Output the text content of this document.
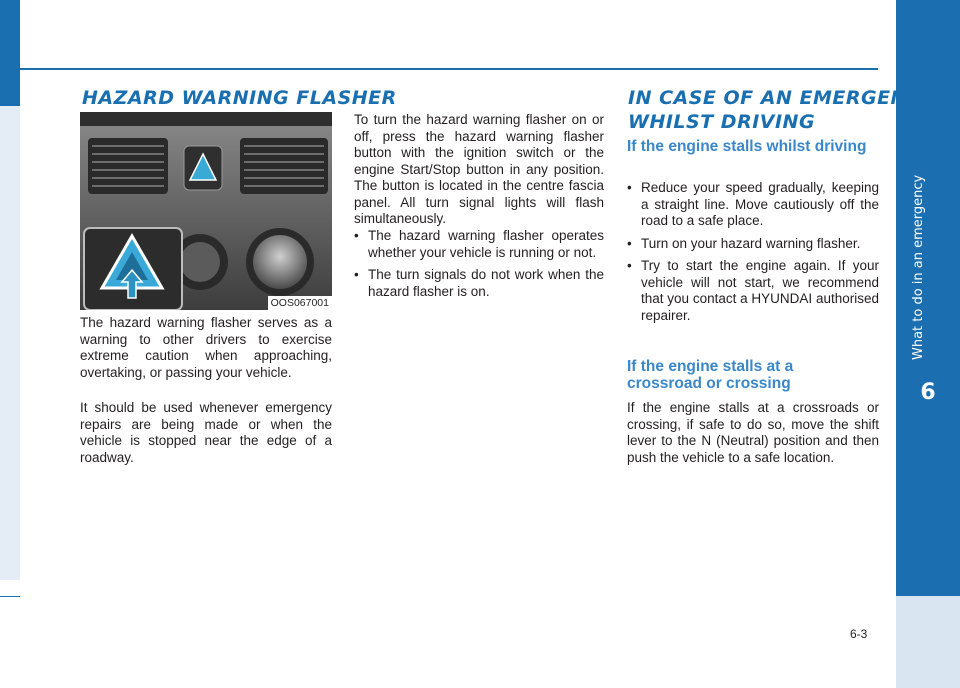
6
HAZARD WARNING FLASHER
OOS067001

The hazard warning flasher serves as a warning to other drivers to exercise extreme caution when approaching, overtaking, or passing your vehicle.

It should be used whenever emergency repairs are being made or when the vehicle is stopped near the edge of a roadway.

To turn the hazard warning flasher on or off, press the hazard warning flasher button with the ignition switch or the engine Start/Stop button in any position. The button is located in the centre fascia panel. All turn signal lights will flash simultaneously.

• The hazard warning flasher operates whether your vehicle is running or not.
• The turn signals do not work when the hazard flasher is on.
IN CASE OF AN EMERGENCY
WHILST DRIVING
If the engine stalls whilst driving
• Reduce your speed gradually, keeping a straight line. Move cautiously off the road to a safe place.
• Turn on your hazard warning flasher.
• Try to start the engine again. If your vehicle will not start, we recommend that you contact a HYUNDAI authorised repairer.
If the engine stalls at a crossroad or crossing

If the engine stalls at a crossroads or crossing, if safe to do so, move the shift lever to the N (Neutral) position and then push the vehicle to a safe location.

6-3
